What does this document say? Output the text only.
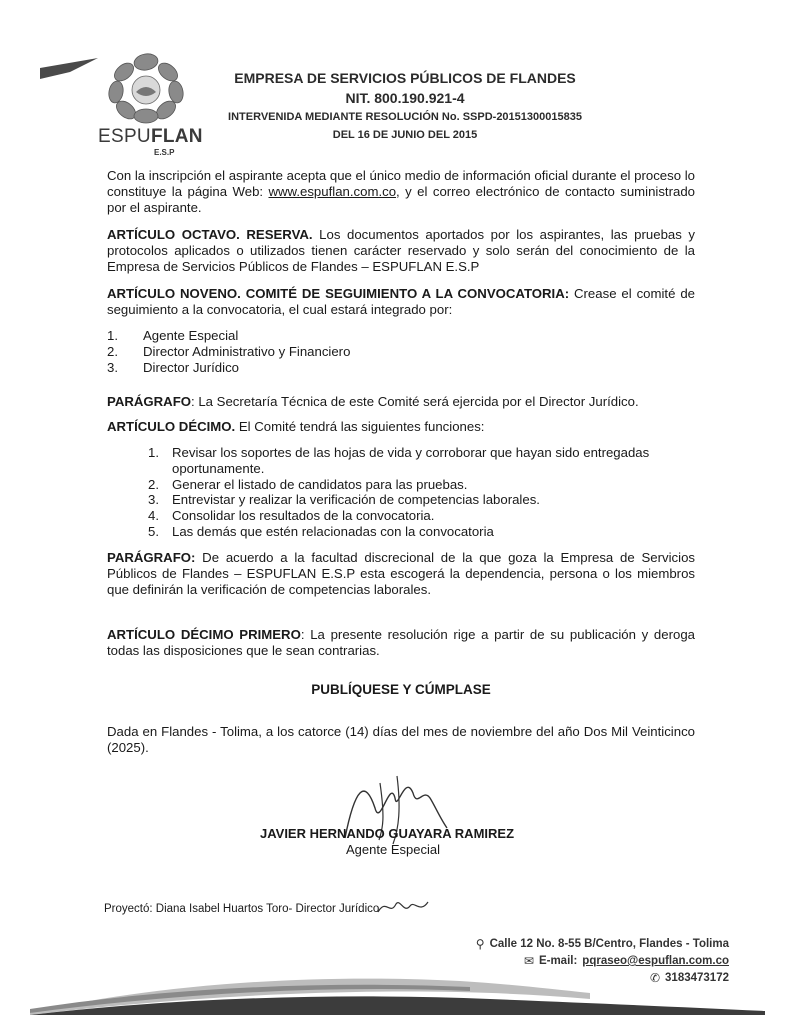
ESPUFLAN
E.S.P
EMPRESA DE SERVICIOS PÚBLICOS DE FLANDES
NIT. 800.190.921-4
INTERVENIDA MEDIANTE RESOLUCIÓN No. SSPD-20151300015835
DEL 16 DE JUNIO DEL 2015
Con la inscripción el aspirante acepta que el único medio de información oficial durante el proceso lo constituye la página Web: www.espuflan.com.co, y el correo electrónico de contacto suministrado por el aspirante.
ARTÍCULO OCTAVO. RESERVA. Los documentos aportados por los aspirantes, las pruebas y protocolos aplicados o utilizados tienen carácter reservado y solo serán del conocimiento de la Empresa de Servicios Públicos de Flandes – ESPUFLAN E.S.P
ARTÍCULO NOVENO. COMITÉ DE SEGUIMIENTO A LA CONVOCATORIA: Crease el comité de seguimiento a la convocatoria, el cual estará integrado por:
1. Agente Especial
2. Director Administrativo y Financiero
3. Director Jurídico
PARÁGRAFO: La Secretaría Técnica de este Comité será ejercida por el Director Jurídico.
ARTÍCULO DÉCIMO. El Comité tendrá las siguientes funciones:
1. Revisar los soportes de las hojas de vida y corroborar que hayan sido entregadas oportunamente.
2. Generar el listado de candidatos para las pruebas.
3. Entrevistar y realizar la verificación de competencias laborales.
4. Consolidar los resultados de la convocatoria.
5. Las demás que estén relacionadas con la convocatoria
PARÁGRAFO: De acuerdo a la facultad discrecional de la que goza la Empresa de Servicios Públicos de Flandes – ESPUFLAN E.S.P esta escogerá la dependencia, persona o los miembros que definirán la verificación de competencias laborales.
ARTÍCULO DÉCIMO PRIMERO: La presente resolución rige a partir de su publicación y deroga todas las disposiciones que le sean contrarias.
PUBLÍQUESE Y CÚMPLASE
Dada en Flandes - Tolima, a los catorce (14) días del mes de noviembre del año Dos Mil Veinticinco (2025).
JAVIER HERNANDO GUAYARA RAMIREZ
Agente Especial
Proyectó: Diana Isabel Huartos Toro- Director Jurídico
⚲ Calle 12 No. 8-55 B/Centro, Flandes - Tolima
✉ E-mail: pqraseo@espuflan.com.co
✆ 3183473172
